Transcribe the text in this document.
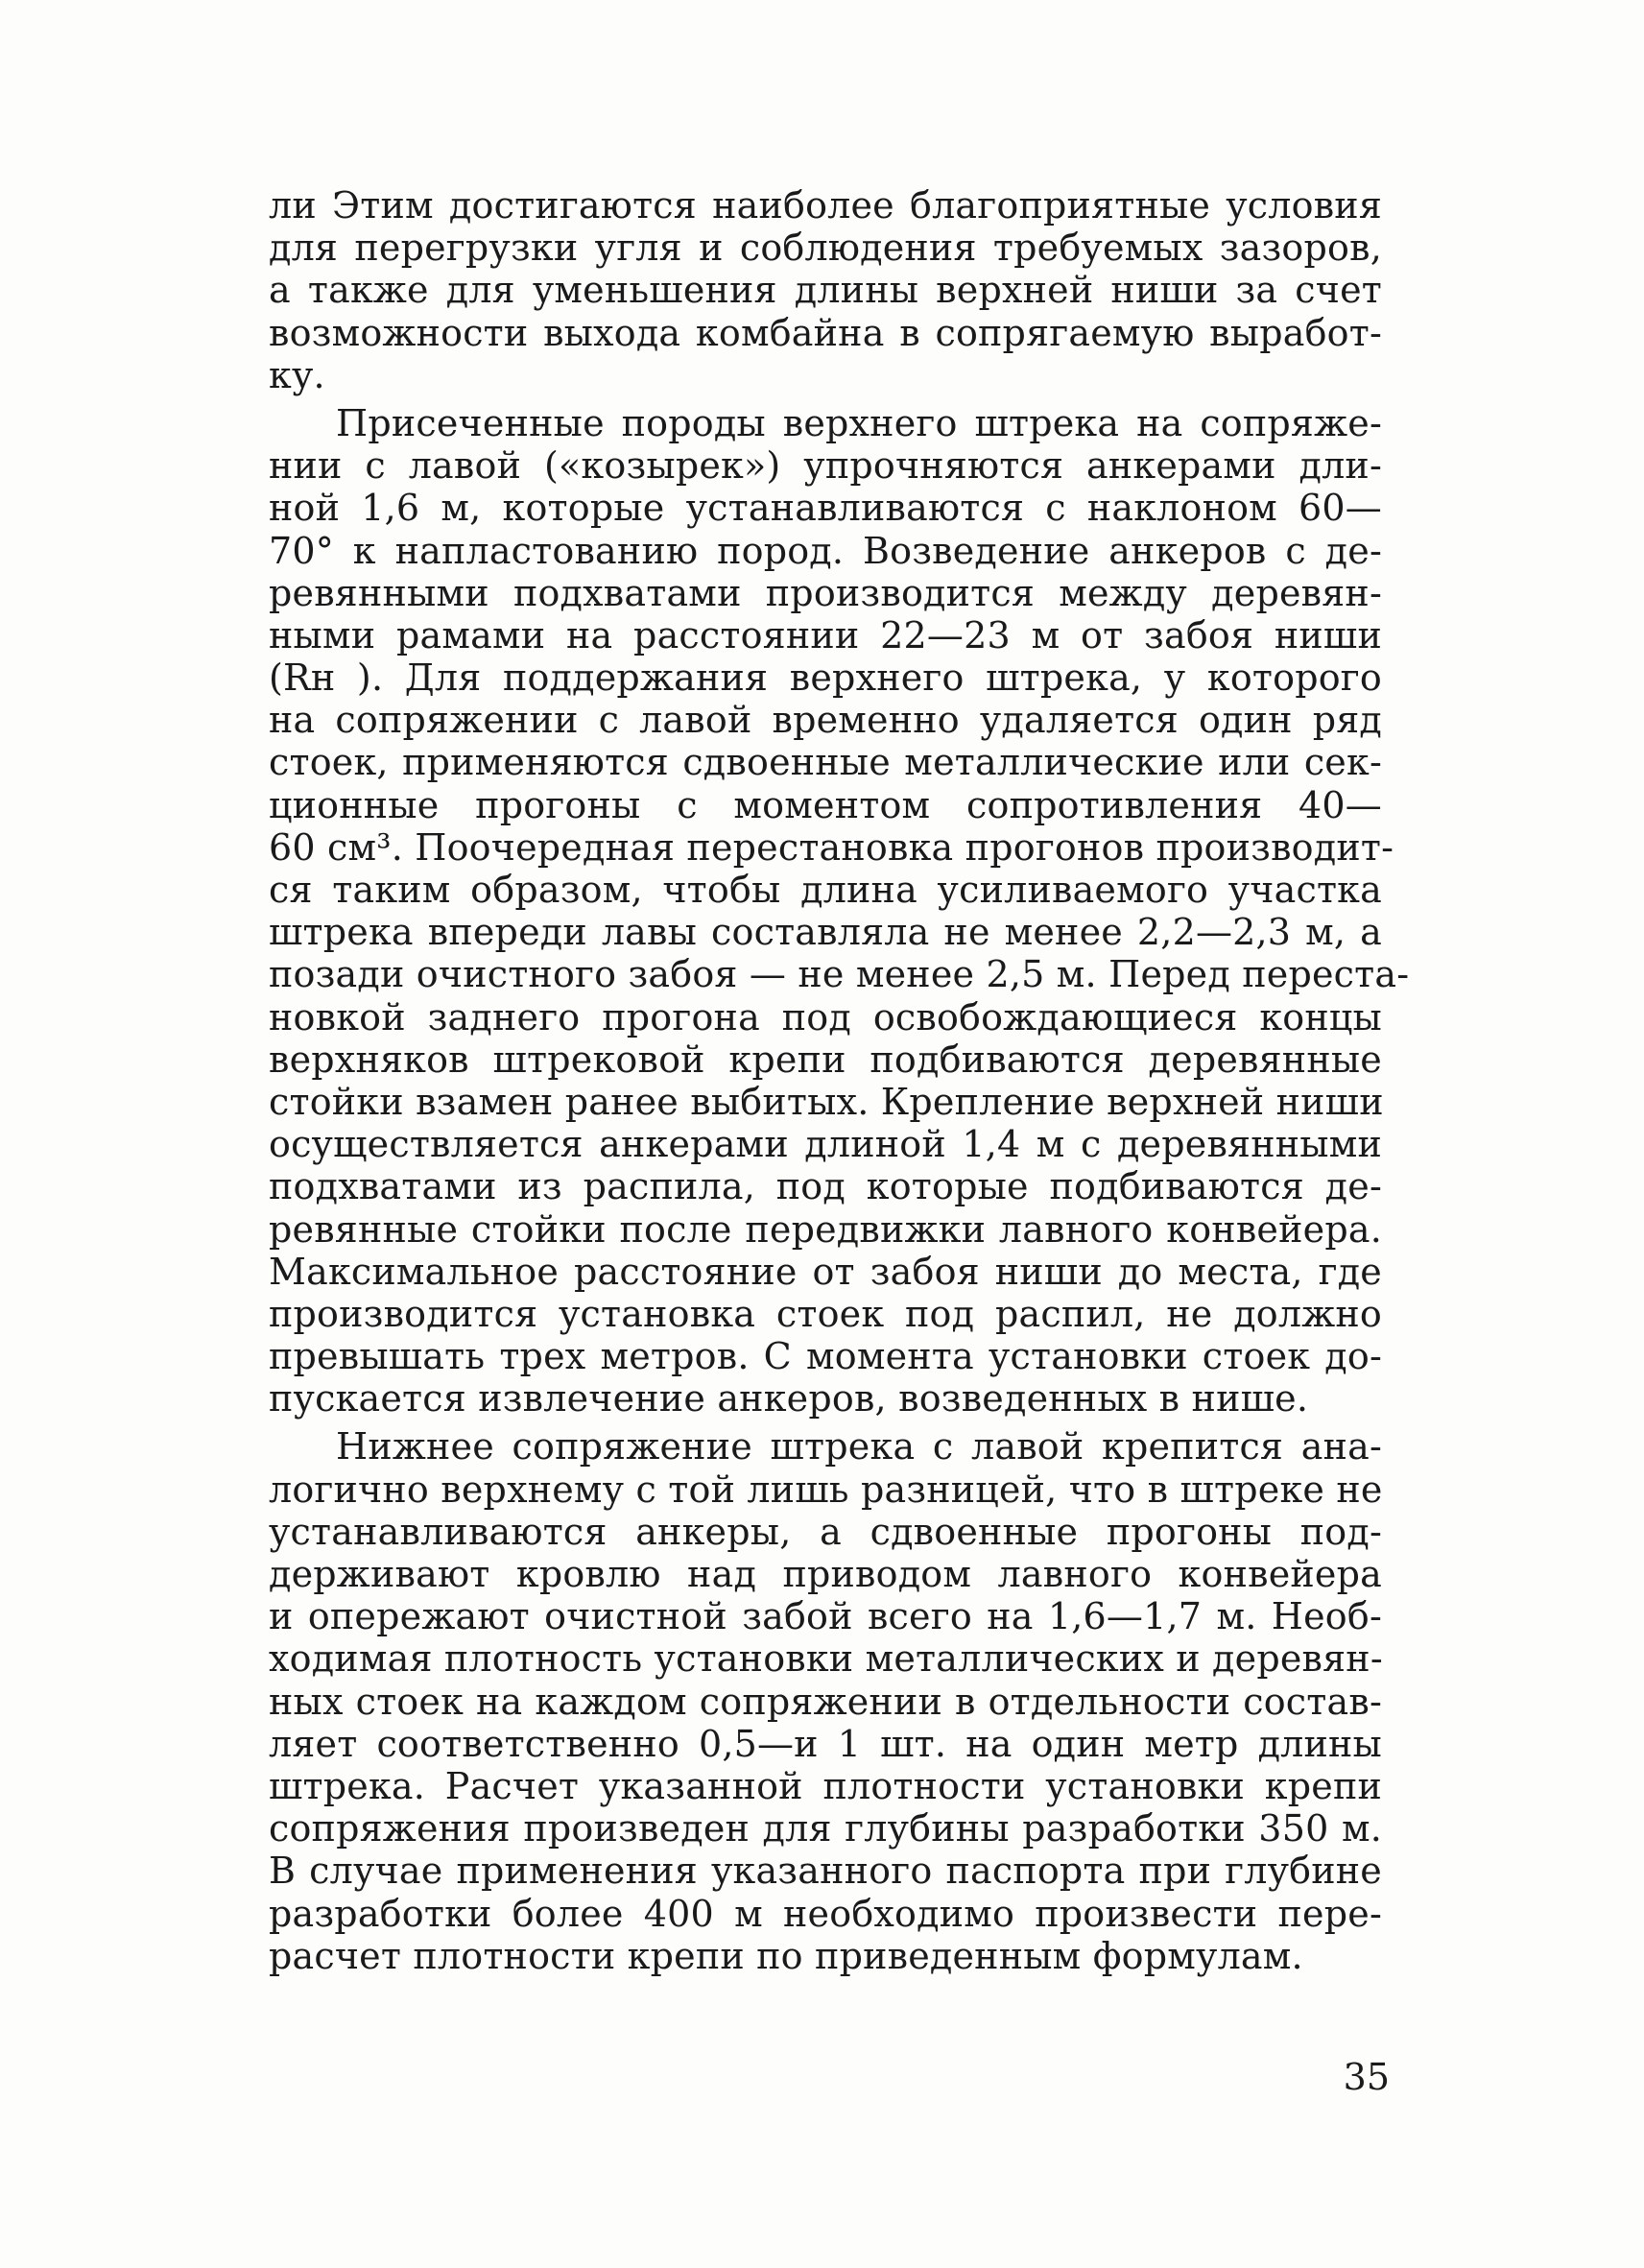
ли Этим достигаются наиболее благоприятные условия
для перегрузки угля и соблюдения требуемых зазоров,
а также для уменьшения длины верхней ниши за счет
возможности выхода комбайна в сопрягаемую выработ-
ку.
Присеченные породы верхнего штрека на сопряже-
нии с лавой («козырек») упрочняются анкерами дли-
ной 1,6 м, которые устанавливаются с наклоном 60—
70° к напластованию пород. Возведение анкеров с де-
ревянными подхватами производится между деревян-
ными рамами на расстоянии 22—23 м от забоя ниши
(Rн ). Для поддержания верхнего штрека, у которого
на сопряжении с лавой временно удаляется один ряд
стоек, применяются сдвоенные металлические или сек-
ционные прогоны с моментом сопротивления 40—
60 см³. Поочередная перестановка прогонов производит-
ся таким образом, чтобы длина усиливаемого участка
штрека впереди лавы составляла не менее 2,2—2,3 м, а
позади очистного забоя — не менее 2,5 м. Перед переста-
новкой заднего прогона под освобождающиеся концы
верхняков штрековой крепи подбиваются деревянные
стойки взамен ранее выбитых. Крепление верхней ниши
осуществляется анкерами длиной 1,4 м с деревянными
подхватами из распила, под которые подбиваются де-
ревянные стойки после передвижки лавного конвейера.
Максимальное расстояние от забоя ниши до места, где
производится установка стоек под распил, не должно
превышать трех метров. С момента установки стоек до-
пускается извлечение анкеров, возведенных в нише.
Нижнее сопряжение штрека с лавой крепится ана-
логично верхнему с той лишь разницей, что в штреке не
устанавливаются анкеры, а сдвоенные прогоны под-
держивают кровлю над приводом лавного конвейера
и опережают очистной забой всего на 1,6—1,7 м. Необ-
ходимая плотность установки металлических и деревян-
ных стоек на каждом сопряжении в отдельности состав-
ляет соответственно 0,5—и 1 шт. на один метр длины
штрека. Расчет указанной плотности установки крепи
сопряжения произведен для глубины разработки 350 м.
В случае применения указанного паспорта при глубине
разработки более 400 м необходимо произвести пере-
расчет плотности крепи по приведенным формулам.
35
